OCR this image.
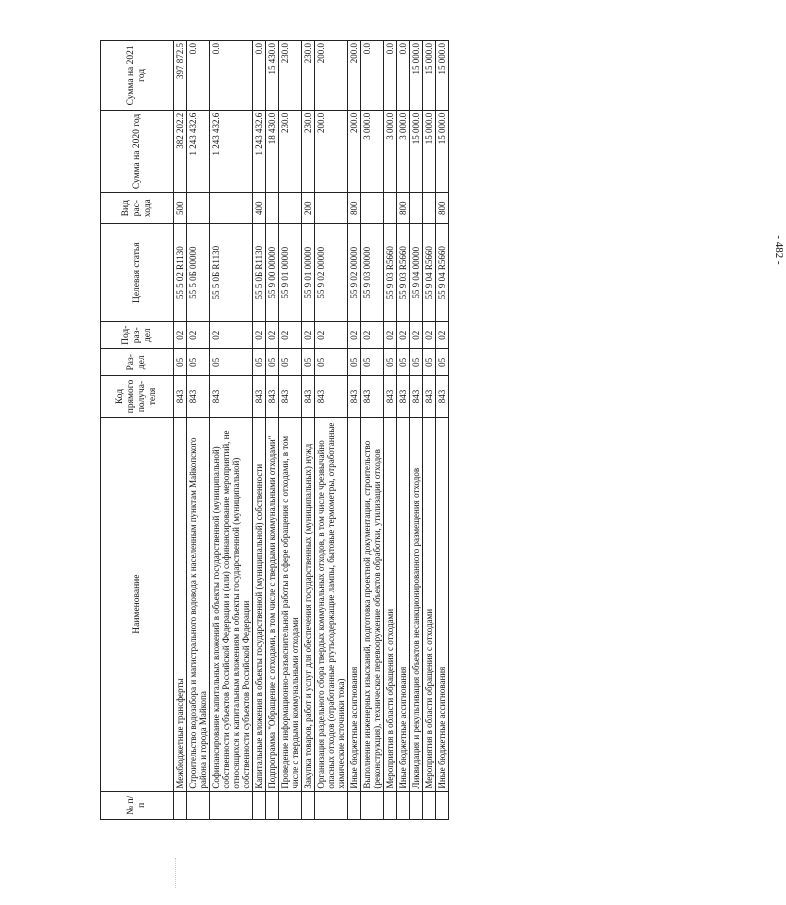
- 482 -
№ п/п	Наименование	Код прямого получа-теля	Раз-дел	Под-раз-дел	Целевая статья	Вид рас-хода	Сумма на 2020 год	Сумма на 2021 год
	Межбюджетные трансферты	843	05	02	55 5 02 R1130	500	382 202.2	397 872.5
	Строительство водозабора и магистрального водовода к населенным пунктам Майкопского района и города Майкопа	843	05	02	55 5 0Б 00000		1 243 432.6	0.0
	Софинансирование капитальных вложений в объекты государственной (муниципальной) собственности субъектов Российской Федерации и (или) софинансирование мероприятий, не относящихся к капитальным вложениям в объекты государственной (муниципальной) собственности субъектов Российской Федерации	843	05	02	55 5 0Б R1130		1 243 432.6	0.0
	Капитальные вложения в объекты государственной (муниципальной) собственности	843	05	02	55 5 0Б R1130	400	1 243 432.6	0.0
	Подпрограмма "Обращение с отходами, в том числе с твердыми коммунальными отходами"	843	05	02	55 9 00 00000		18 430.0	15 430.0
	Проведение информационно-разъяснительной работы в сфере обращения с отходами, в том числе с твердыми коммунальными отходами	843	05	02	55 9 01 00000		230.0	230.0
	Закупка товаров, работ и услуг для обеспечения государственных (муниципальных) нужд	843	05	02	55 9 01 00000	200	230.0	230.0
	Организация раздельного сбора твердых коммунальных отходов, в том числе чрезвычайно опасных отходов (отработанные ртутьсодержащие лампы, бытовые термометры, отработанные химические источники тока)	843	05	02	55 9 02 00000		200.0	200.0
	Иные бюджетные ассигнования	843	05	02	55 9 02 00000	800	200.0	200.0
	Выполнение инженерных изысканий, подготовка проектной документации, строительство (реконструкция), техническое перевооружение объектов обработки, утилизации отходов	843	05	02	55 9 03 00000		3 000.0	0.0
	Мероприятия в области обращения с отходами	843	05	02	55 9 03 R5660		3 000.0	0.0
	Иные бюджетные ассигнования	843	05	02	55 9 03 R5660	800	3 000.0	0.0
	Ликвидация и рекультивация объектов несанкционированного размещения отходов	843	05	02	55 9 04 00000		15 000.0	15 000.0
	Мероприятия в области обращения с отходами	843	05	02	55 9 04 R5660		15 000.0	15 000.0
	Иные бюджетные ассигнования	843	05	02	55 9 04 R5660	800	15 000.0	15 000.0
